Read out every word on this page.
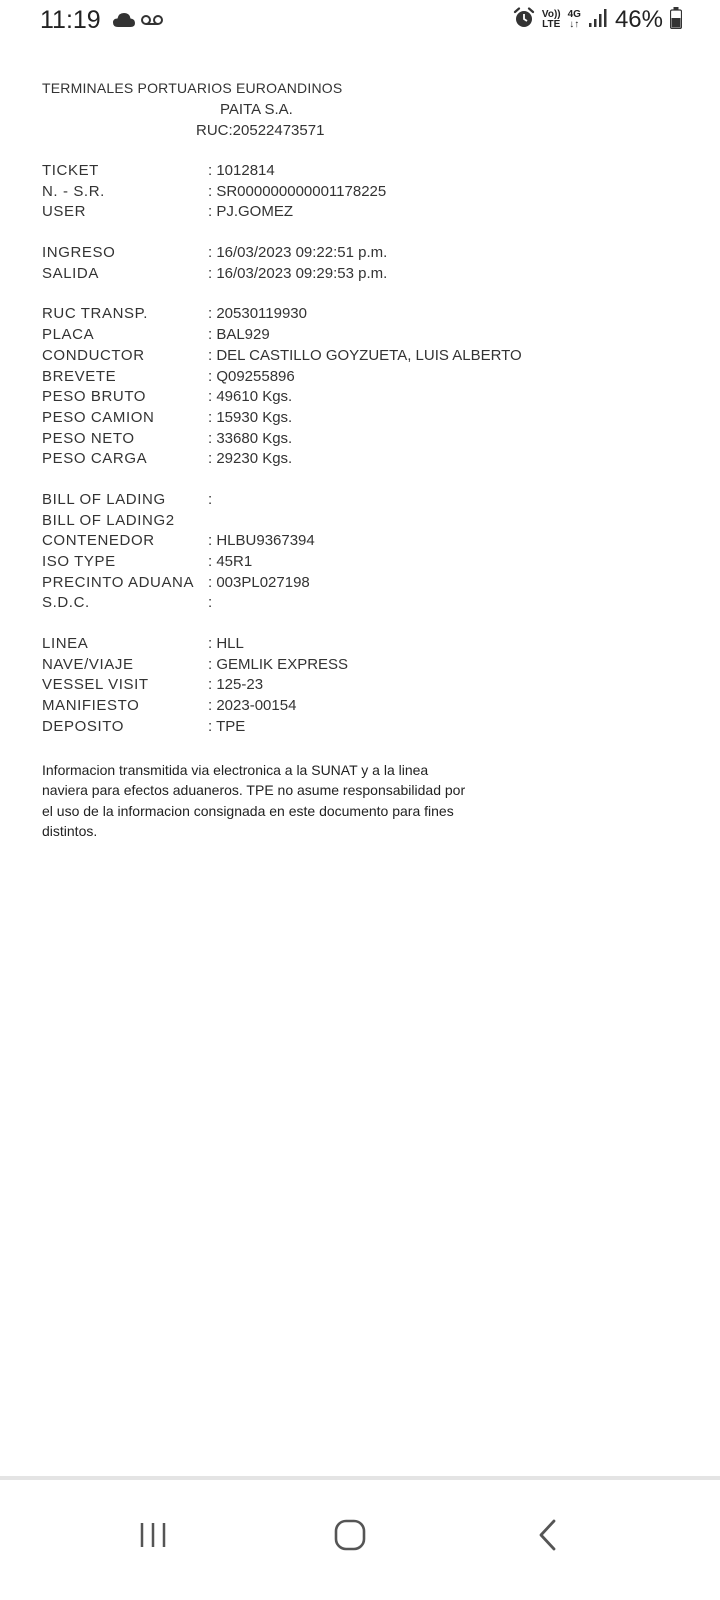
11:19	Vo))
LTE
4G
↓↑ 46%
TERMINALES PORTUARIOS EUROANDINOS
PAITA S.A.
RUC:20522473571
TICKET	: 1012814
N. - S.R.	: SR000000000001178225
USER	: PJ.GOMEZ
INGRESO	: 16/03/2023 09:22:51 p.m.
SALIDA	: 16/03/2023 09:29:53 p.m.
RUC TRANSP.	: 20530119930
PLACA	: BAL929
CONDUCTOR	: DEL CASTILLO GOYZUETA, LUIS ALBERTO
BREVETE	: Q09255896
PESO BRUTO	: 49610 Kgs.
PESO CAMION	: 15930 Kgs.
PESO NETO	: 33680 Kgs.
PESO CARGA	: 29230 Kgs.
BILL OF LADING	:
BILL OF LADING2
CONTENEDOR	: HLBU9367394
ISO TYPE	: 45R1
PRECINTO ADUANA : 003PL027198
S.D.C.	:
LINEA	: HLL
NAVE/VIAJE	: GEMLIK EXPRESS
VESSEL VISIT	: 125-23
MANIFIESTO	: 2023-00154
DEPOSITO	: TPE
Informacion transmitida via electronica a la SUNAT y a la linea naviera para efectos aduaneros. TPE no asume responsabilidad por el uso de la informacion consignada en este documento para fines distintos.
